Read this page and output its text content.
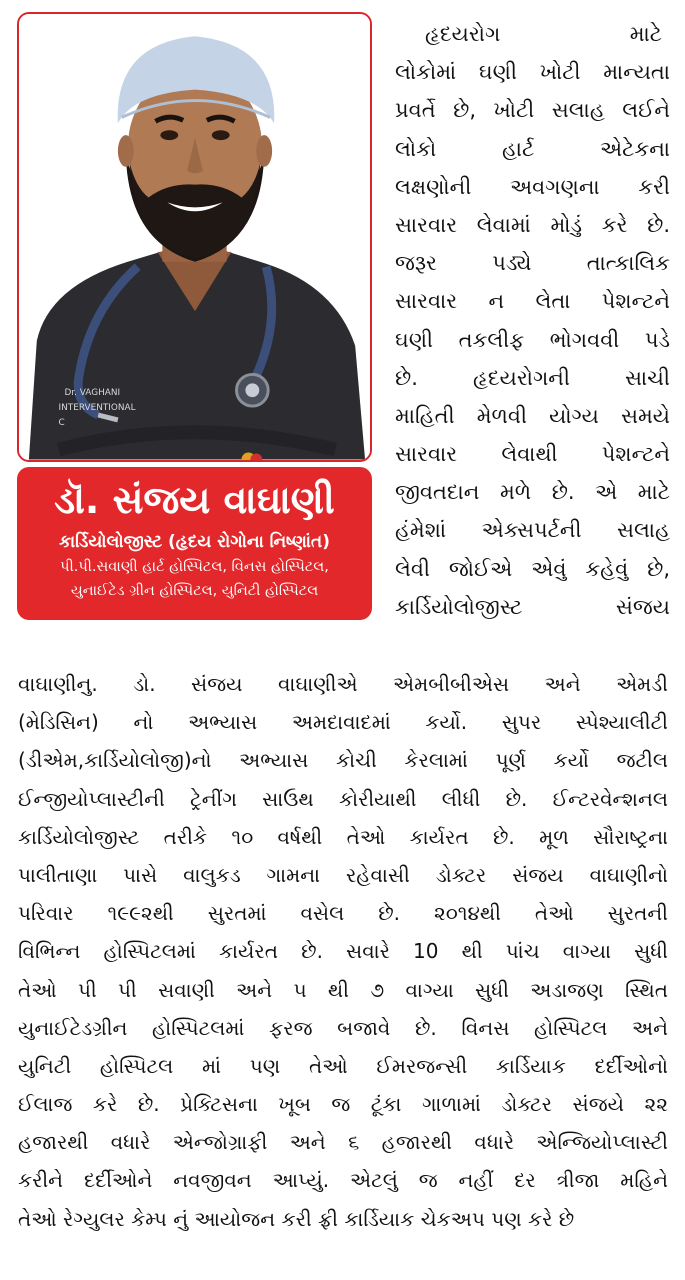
Dr. VAGHANI
INTERVENTIONAL
C
ડૉ. સંજય વાઘાણી
કાર્ડિયોલોજીસ્ટ (હૃદય રોગોના નિષ્ણાંત)
પી.પી.સવાણી હાર્ટ હોસ્પિટલ, વિનસ હોસ્પિટલ,
યુનાઈટેડ ગ્રીન હોસ્પિટલ, યુનિટી હોસ્પિટલ
હૃદયરોગ	માટે
લોકોમાં ઘણી ખોટી માન્યતા
પ્રવર્તે છે, ખોટી સલાહ લઈને
લોકો હાર્ટ એટેકના
લક્ષણોની અવગણના કરી
સારવાર લેવામાં મોડું કરે છે.
જરૂર પડ્યે તાત્કાલિક
સારવાર ન લેતા પેશન્ટને
ઘણી તકલીફ ભોગવવી પડે
છે. હૃદયરોગની સાચી
માહિતી મેળવી યોગ્ય સમયે
સારવાર લેવાથી પેશન્ટને
જીવતદાન મળે છે. એ માટે
હંમેશાં એક્સપર્ટની સલાહ
લેવી જોઈએ એવું કહેવું છે,
કાર્ડિયોલોજીસ્ટ સંજય
વાઘાણીનુ. ડો. સંજય વાઘાણીએ એમબીબીએસ અને એમડી
(મેડિસિન) નો અભ્યાસ અમદાવાદમાં કર્યો. સુપર સ્પેશ્યાલીટી
(ડીએમ,કાર્ડિયોલોજી)નો અભ્યાસ કોચી કેરલામાં પૂર્ણ કર્યો જટીલ
ઈન્જીયોપ્લાસ્ટીની ટ્રેનીંગ સાઉથ કોરીયાથી લીધી છે. ઈન્ટરવેન્શનલ
કાર્ડિયોલોજીસ્ટ તરીકે ૧૦ વર્ષથી તેઓ કાર્યરત છે. મૂળ સૌરાષ્ટ્રના
પાલીતાણા પાસે વાલુકડ ગામના રહેવાસી ડોક્ટર સંજય વાઘાણીનો
પરિવાર ૧૯૯૨થી સુરતમાં વસેલ છે. ૨૦૧૪થી તેઓ સુરતની
વિભિન્ન હોસ્પિટલમાં કાર્યરત છે. સવારે 10 થી પાંચ વાગ્યા સુધી
તેઓ પી પી સવાણી અને ૫ થી ૭ વાગ્યા સુધી અડાજણ સ્થિત
યુનાઈટેડગ્રીન હોસ્પિટલમાં ફરજ બજાવે છે. વિનસ હોસ્પિટલ અને
યુનિટી હોસ્પિટલ માં પણ તેઓ ઈમરજન્સી કાર્ડિયાક દર્દીઓનો
ઈલાજ કરે છે. પ્રેક્ટિસના ખૂબ જ ટૂંકા ગાળામાં ડોક્ટર સંજયે ૨૨
હજારથી વધારે એન્જોગ્રાફી અને ૬ હજારથી વધારે એન્જિયોપ્લાસ્ટી
કરીને દર્દીઓને નવજીવન આપ્યું. એટલું જ નહીં દર ત્રીજા મહિને
તેઓ રેગ્યુલર કેમ્પ નું આયોજન કરી ફ્રી કાર્ડિયાક ચેકઅપ પણ કરે છે
